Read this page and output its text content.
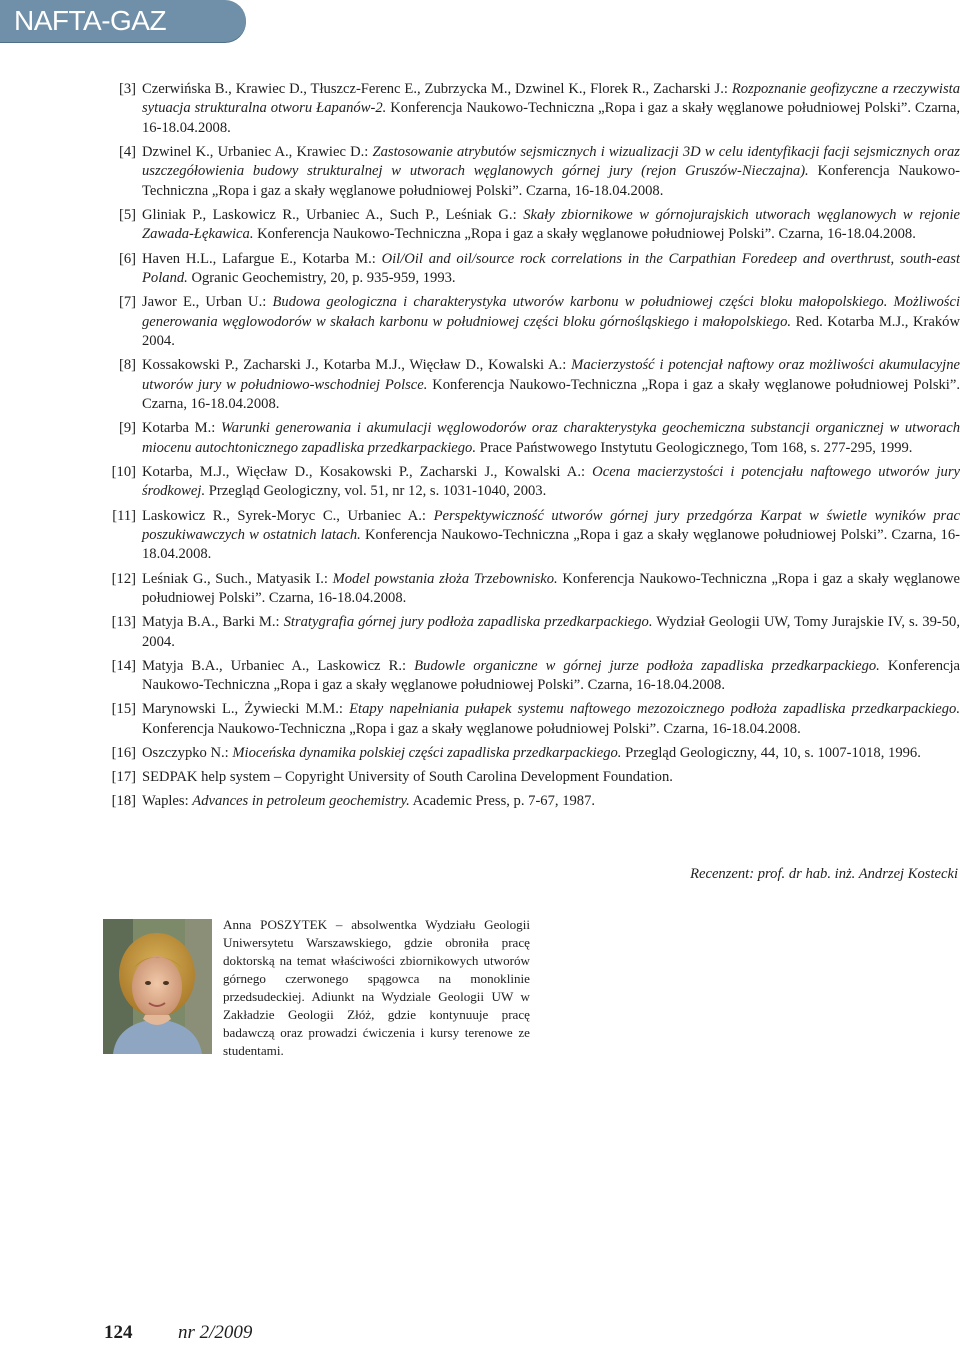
NAFTA-GAZ
[3] Czerwińska B., Krawiec D., Tłuszcz-Ferenc E., Zubrzycka M., Dzwinel K., Florek R., Zacharski J.: Rozpoznanie geofizyczne a rzeczywista sytuacja strukturalna otworu Łapanów-2. Konferencja Naukowo-Techniczna „Ropa i gaz a skały węglanowe południowej Polski”. Czarna, 16-18.04.2008.
[4] Dzwinel K., Urbaniec A., Krawiec D.: Zastosowanie atrybutów sejsmicznych i wizualizacji 3D w celu identyfikacji facji sejsmicznych oraz uszczegółowienia budowy strukturalnej w utworach węglanowych górnej jury (rejon Gruszów-Nieczajna). Konferencja Naukowo-Techniczna „Ropa i gaz a skały węglanowe południowej Polski”. Czarna, 16-18.04.2008.
[5] Gliniak P., Laskowicz R., Urbaniec A., Such P., Leśniak G.: Skały zbiornikowe w górnojurajskich utworach węglanowych w rejonie Zawada-Łękawica. Konferencja Naukowo-Techniczna „Ropa i gaz a skały węglanowe południowej Polski”. Czarna, 16-18.04.2008.
[6] Haven H.L., Lafargue E., Kotarba M.: Oil/Oil and oil/source rock correlations in the Carpathian Foredeep and overthrust, south-east Poland. Ogranic Geochemistry, 20, p. 935-959, 1993.
[7] Jawor E., Urban U.: Budowa geologiczna i charakterystyka utworów karbonu w południowej części bloku małopolskiego. Możliwości generowania węglowodorów w skałach karbonu w południowej części bloku górnośląskiego i małopolskiego. Red. Kotarba M.J., Kraków 2004.
[8] Kossakowski P., Zacharski J., Kotarba M.J., Więcław D., Kowalski A.: Macierzystość i potencjał naftowy oraz możliwości akumulacyjne utworów jury w południowo-wschodniej Polsce. Konferencja Naukowo-Techniczna „Ropa i gaz a skały węglanowe południowej Polski”. Czarna, 16-18.04.2008.
[9] Kotarba M.: Warunki generowania i akumulacji węglowodorów oraz charakterystyka geochemiczna substancji organicznej w utworach miocenu autochtonicznego zapadliska przedkarpackiego. Prace Państwowego Instytutu Geologicznego, Tom 168, s. 277-295, 1999.
[10] Kotarba, M.J., Więcław D., Kosakowski P., Zacharski J., Kowalski A.: Ocena macierzystości i potencjału naftowego utworów jury środkowej. Przegląd Geologiczny, vol. 51, nr 12, s. 1031-1040, 2003.
[11] Laskowicz R., Syrek-Moryc C., Urbaniec A.: Perspektywiczność utworów górnej jury przedgórza Karpat w świetle wyników prac poszukiwawczych w ostatnich latach. Konferencja Naukowo-Techniczna „Ropa i gaz a skały węglanowe południowej Polski”. Czarna, 16-18.04.2008.
[12] Leśniak G., Such., Matyasik I.: Model powstania złoża Trzebownisko. Konferencja Naukowo-Techniczna „Ropa i gaz a skały węglanowe południowej Polski”. Czarna, 16-18.04.2008.
[13] Matyja B.A., Barki M.: Stratygrafia górnej jury podłoża zapadliska przedkarpackiego. Wydział Geologii UW, Tomy Jurajskie IV, s. 39-50, 2004.
[14] Matyja B.A., Urbaniec A., Laskowicz R.: Budowle organiczne w górnej jurze podłoża zapadliska przedkarpackiego. Konferencja Naukowo-Techniczna „Ropa i gaz a skały węglanowe południowej Polski”. Czarna, 16-18.04.2008.
[15] Marynowski L., Żywiecki M.M.: Etapy napełniania pułapek systemu naftowego mezozoicznego podłoża zapadliska przedkarpackiego. Konferencja Naukowo-Techniczna „Ropa i gaz a skały węglanowe południowej Polski”. Czarna, 16-18.04.2008.
[16] Oszczypko N.: Mioceńska dynamika polskiej części zapadliska przedkarpackiego. Przegląd Geologiczny, 44, 10, s. 1007-1018, 1996.
[17] SEDPAK help system – Copyright University of South Carolina Development Foundation.
[18] Waples: Advances in petroleum geochemistry. Academic Press, p. 7-67, 1987.
Recenzent: prof. dr hab. inż. Andrzej Kostecki
Anna POSZYTEK – absolwentka Wydziału Geologii Uniwersytetu Warszawskiego, gdzie obroniła pracę doktorską na temat właściwości zbiornikowych utworów górnego czerwonego spągowca na monoklinie przedsudeckiej. Adiunkt na Wydziale Geologii UW w Zakładzie Geologii Złóż, gdzie kontynuuje pracę badawczą oraz prowadzi ćwiczenia i kursy terenowe ze studentami.
124 nr 2/2009
